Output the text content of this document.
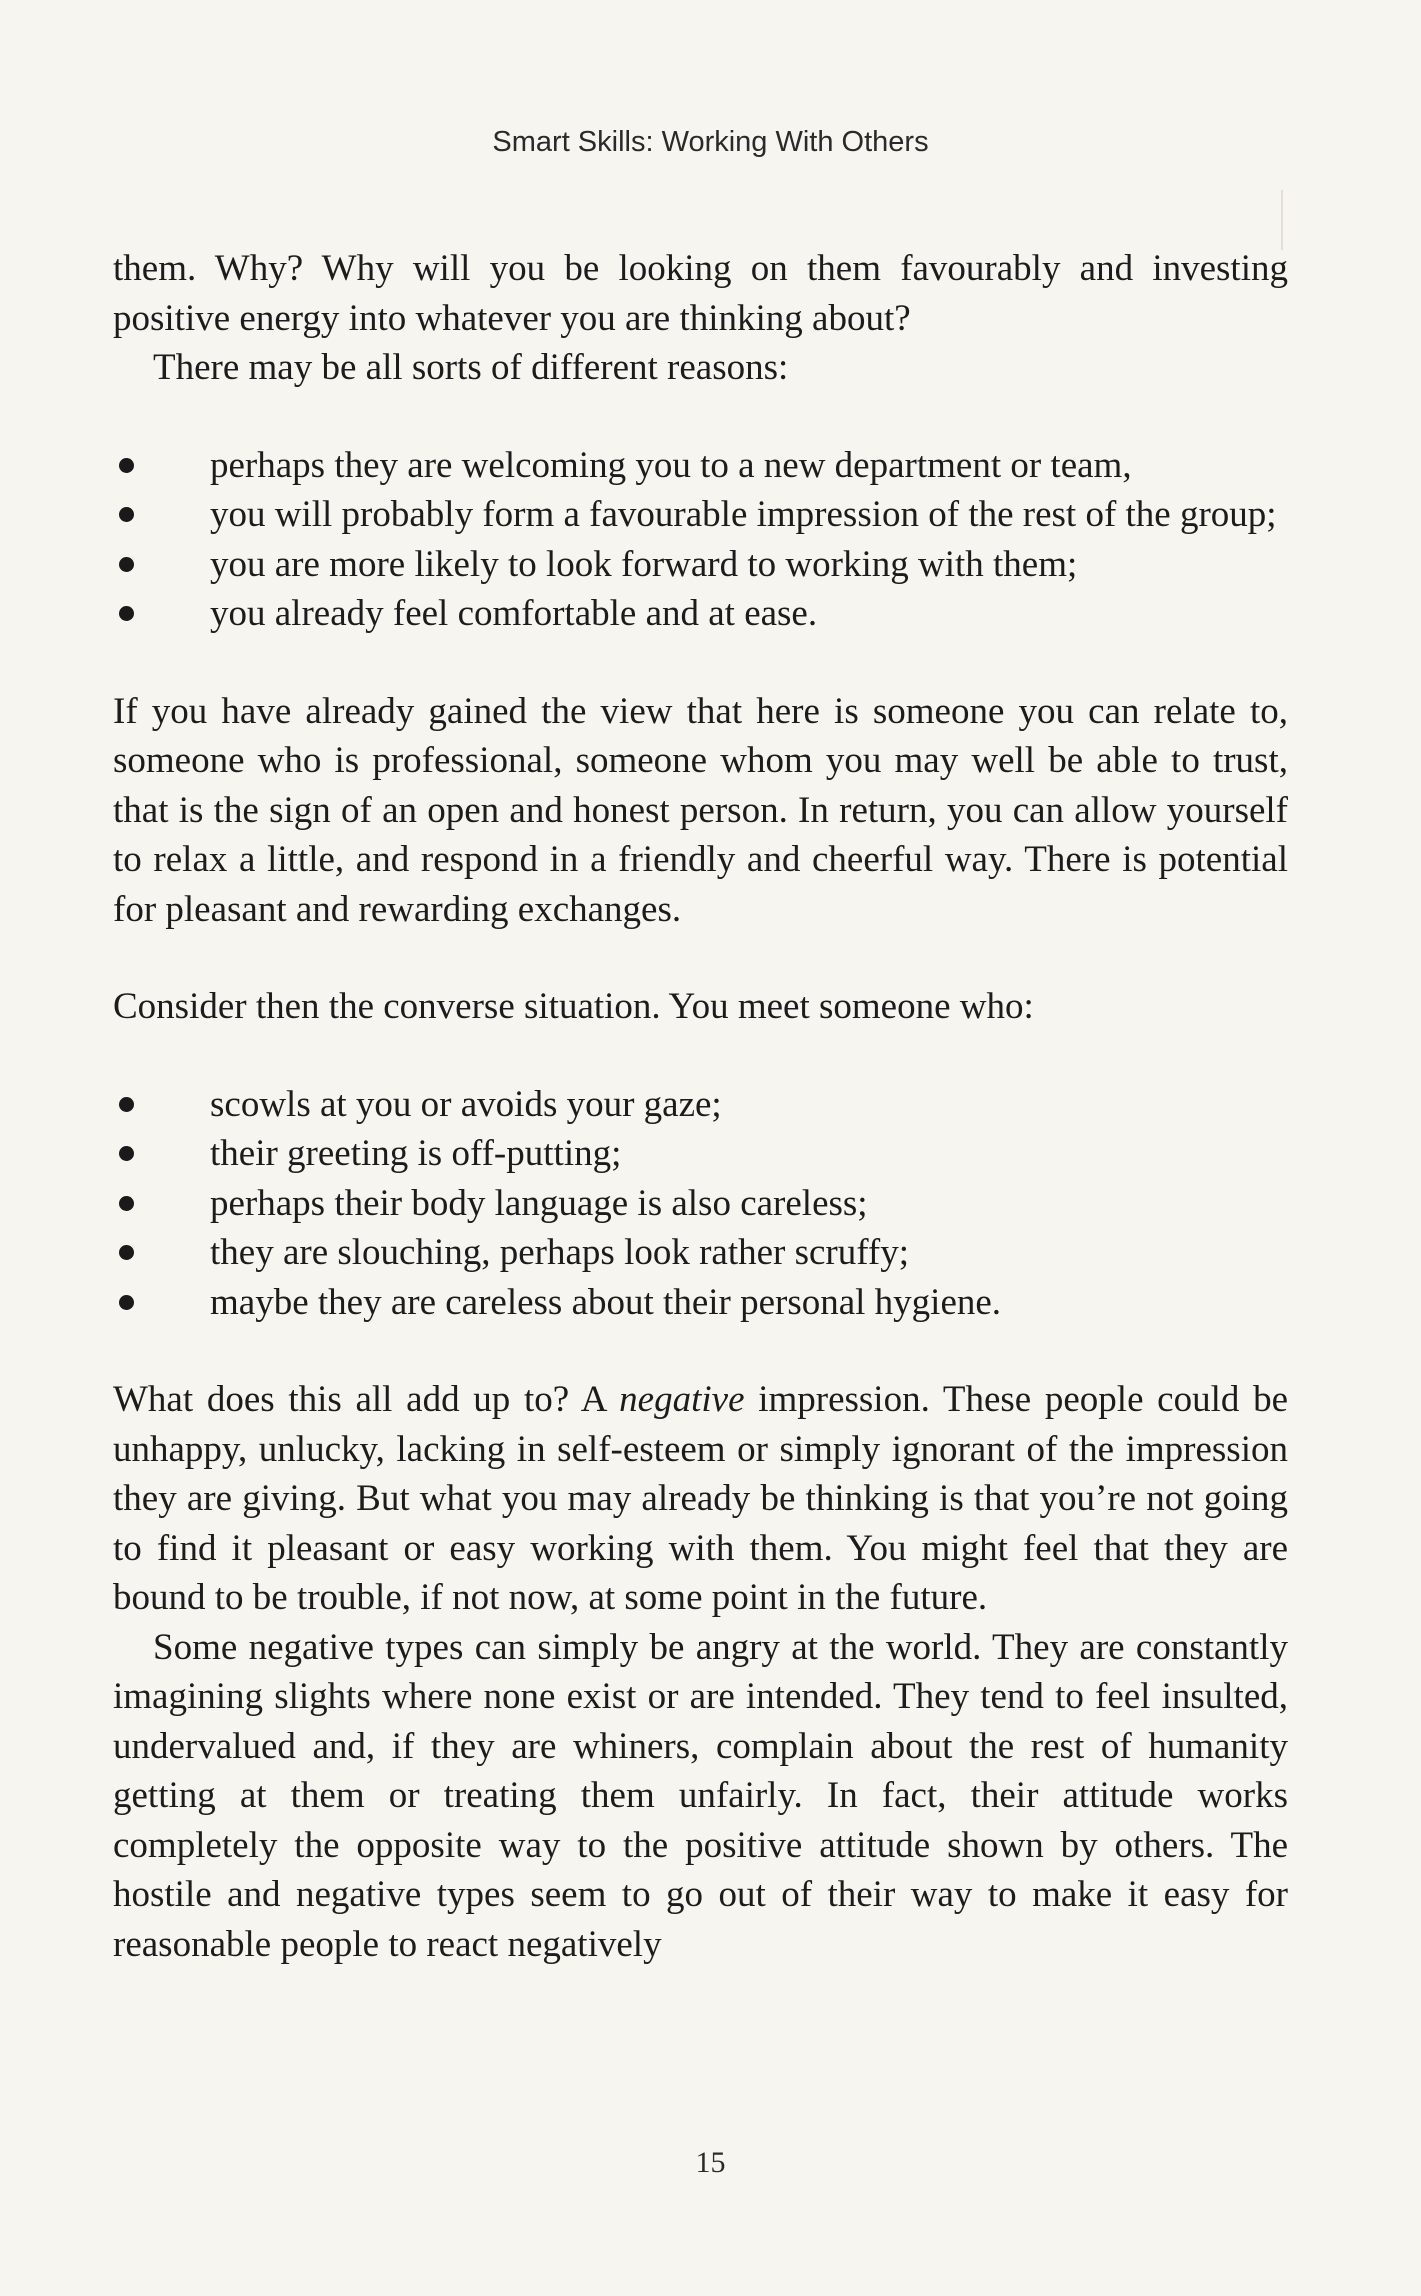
Smart Skills: Working With Others

them. Why? Why will you be looking on them favourably and investing positive energy into whatever you are thinking about?

There may be all sorts of different reasons:

perhaps they are welcoming you to a new department or team,
you will probably form a favourable impression of the rest of the group;
you are more likely to look forward to working with them;
you already feel comfortable and at ease.

If you have already gained the view that here is someone you can relate to, someone who is professional, someone whom you may well be able to trust, that is the sign of an open and honest person. In return, you can allow yourself to relax a little, and respond in a friendly and cheerful way. There is potential for pleasant and rewarding exchanges.

Consider then the converse situation. You meet someone who:

scowls at you or avoids your gaze;
their greeting is off-putting;
perhaps their body language is also careless;
they are slouching, perhaps look rather scruffy;
maybe they are careless about their personal hygiene.

What does this all add up to? A negative impression. These people could be unhappy, unlucky, lacking in self-esteem or simply ignorant of the impression they are giving. But what you may already be thinking is that you’re not going to find it pleasant or easy working with them. You might feel that they are bound to be trouble, if not now, at some point in the future.

Some negative types can simply be angry at the world. They are constantly imagining slights where none exist or are intended. They tend to feel insulted, undervalued and, if they are whiners, complain about the rest of humanity getting at them or treating them unfairly. In fact, their attitude works completely the opposite way to the positive attitude shown by others. The hostile and negative types seem to go out of their way to make it easy for reasonable people to react negatively

15
